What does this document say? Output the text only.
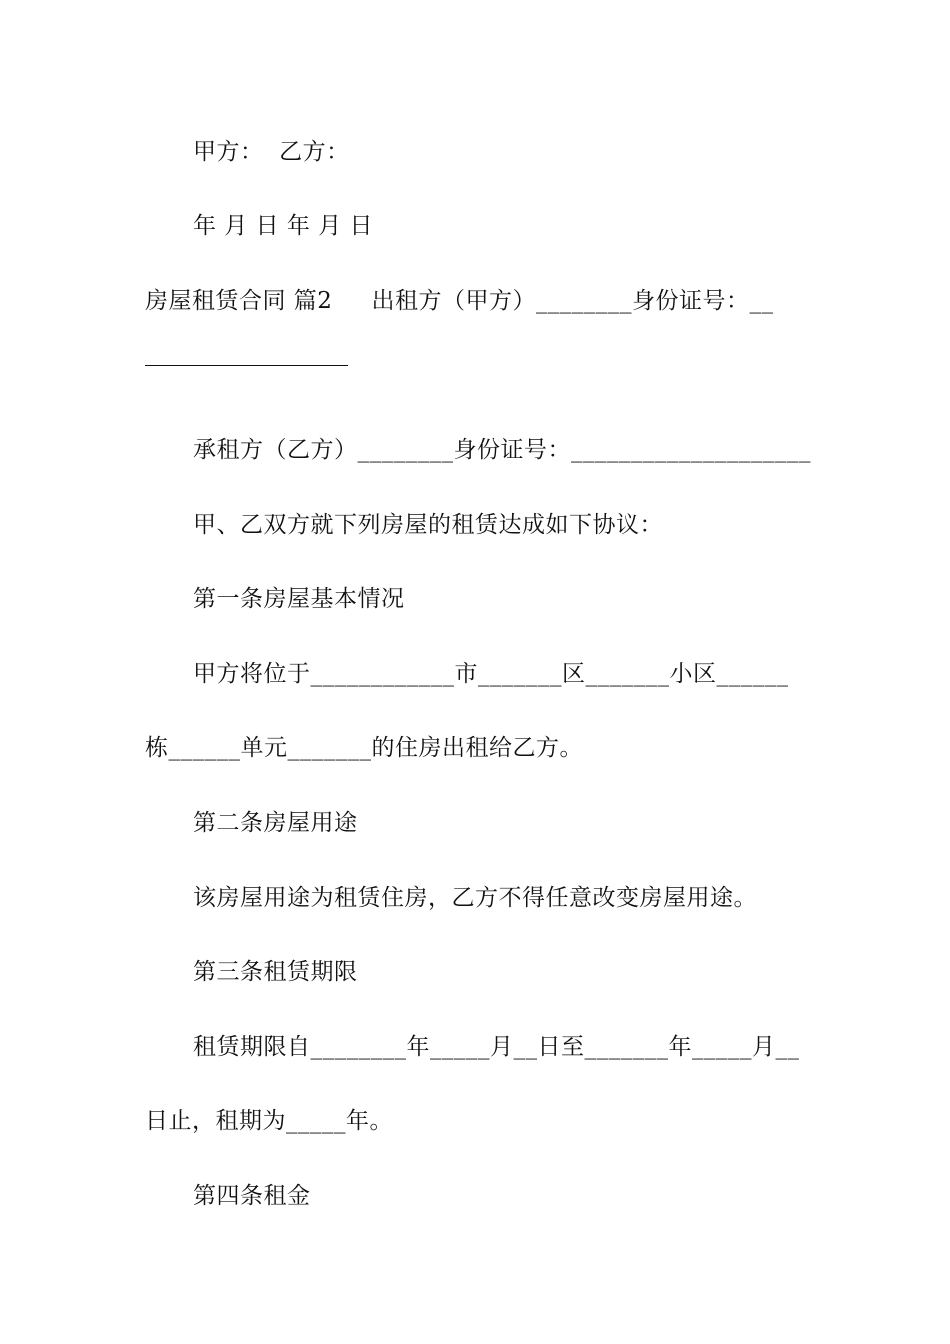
甲方：  乙方：
年 月 日 年 月 日
房屋租赁合同 篇2     出租方（甲方）________身份证号：__
承租方（乙方）________身份证号：____________________
甲、乙双方就下列房屋的租赁达成如下协议：
第一条房屋基本情况
甲方将位于____________市_______区_______小区______
栋______单元_______的住房出租给乙方。
第二条房屋用途
该房屋用途为租赁住房，乙方不得任意改变房屋用途。
第三条租赁期限
租赁期限自________年_____月__日至_______年_____月__
日止，租期为_____年。
第四条租金
